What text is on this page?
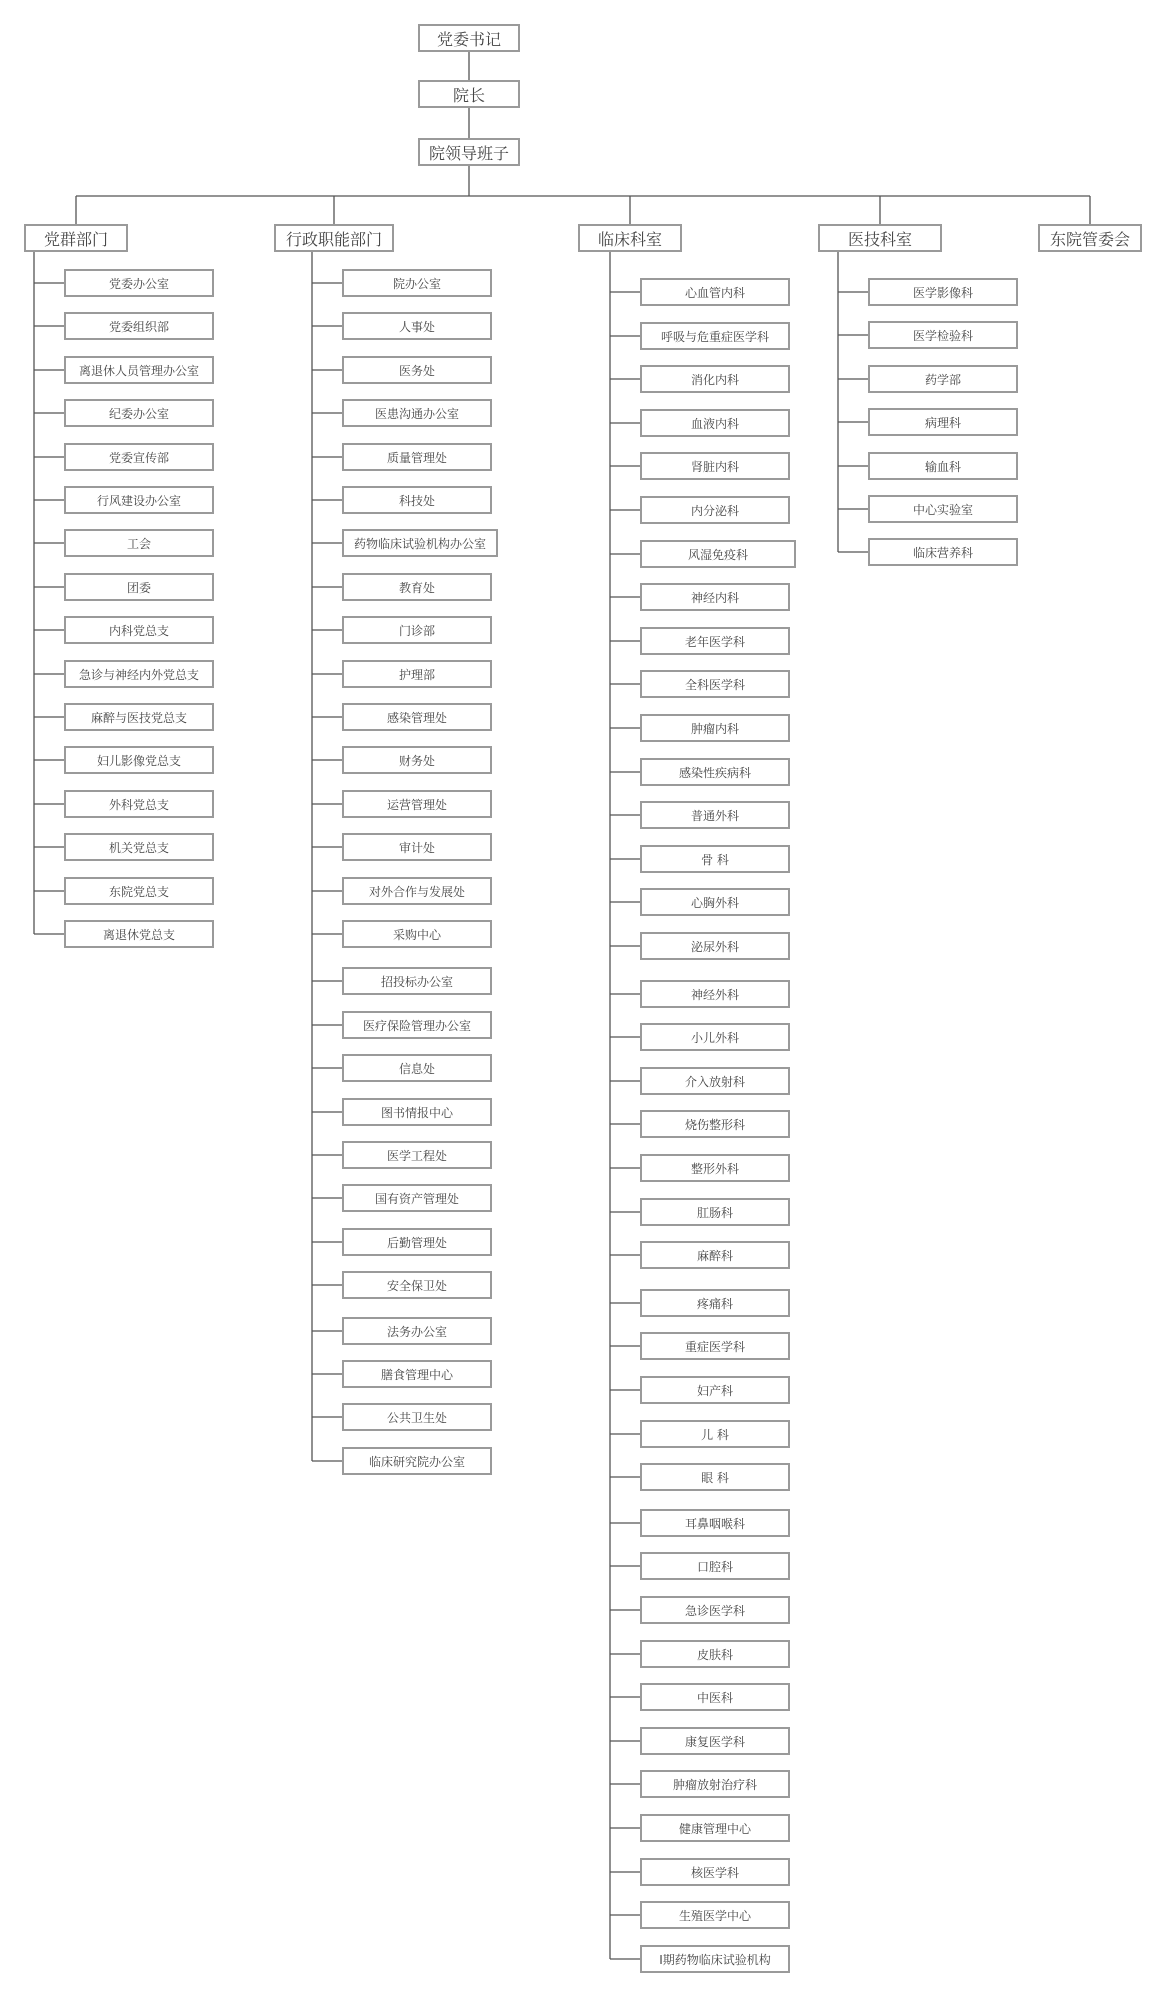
党委书记
院长
院领导班子
党群部门
党委办公室
党委组织部
离退休人员管理办公室
纪委办公室
党委宣传部
行风建设办公室
工会
团委
内科党总支
急诊与神经内外党总支
麻醉与医技党总支
妇儿影像党总支
外科党总支
机关党总支
东院党总支
离退休党总支
行政职能部门
院办公室
人事处
医务处
医患沟通办公室
质量管理处
科技处
药物临床试验机构办公室
教育处
门诊部
护理部
感染管理处
财务处
运营管理处
审计处
对外合作与发展处
采购中心
招投标办公室
医疗保险管理办公室
信息处
图书情报中心
医学工程处
国有资产管理处
后勤管理处
安全保卫处
法务办公室
膳食管理中心
公共卫生处
临床研究院办公室
临床科室
心血管内科
呼吸与危重症医学科
消化内科
血液内科
肾脏内科
内分泌科
风湿免疫科
神经内科
老年医学科
全科医学科
肿瘤内科
感染性疾病科
普通外科
骨 科
心胸外科
泌尿外科
神经外科
小儿外科
介入放射科
烧伤整形科
整形外科
肛肠科
麻醉科
疼痛科
重症医学科
妇产科
儿 科
眼 科
耳鼻咽喉科
口腔科
急诊医学科
皮肤科
中医科
康复医学科
肿瘤放射治疗科
健康管理中心
核医学科
生殖医学中心
I期药物临床试验机构
医技科室
医学影像科
医学检验科
药学部
病理科
输血科
中心实验室
临床营养科
东院管委会
